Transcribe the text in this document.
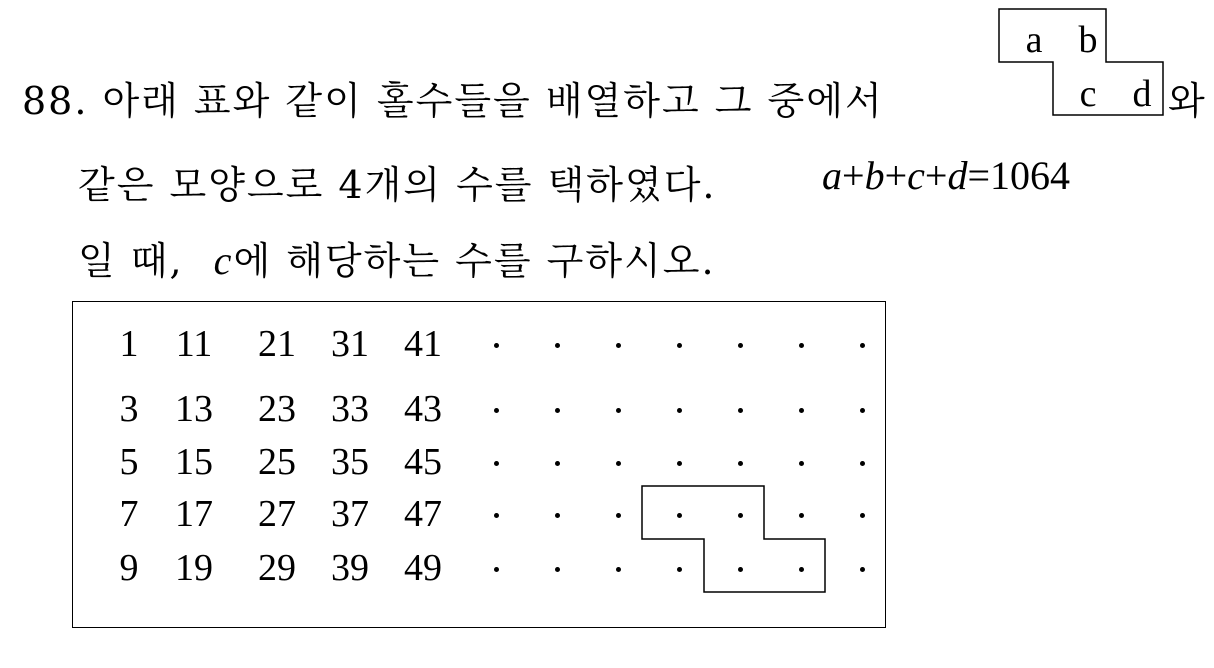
88. 아래 표와 같이 홀수들을 배열하고 그 중에서
a b
c d 와
같은 모양으로 4개의 수를 택하였다.	a+b+c+d=1064
일 때, c에 해당하는 수를 구하시오.
1 11	21 31 41
3 13	23 33 43
5 15	25 35 45
7 17	27 37 47
9 19	29 39 49
